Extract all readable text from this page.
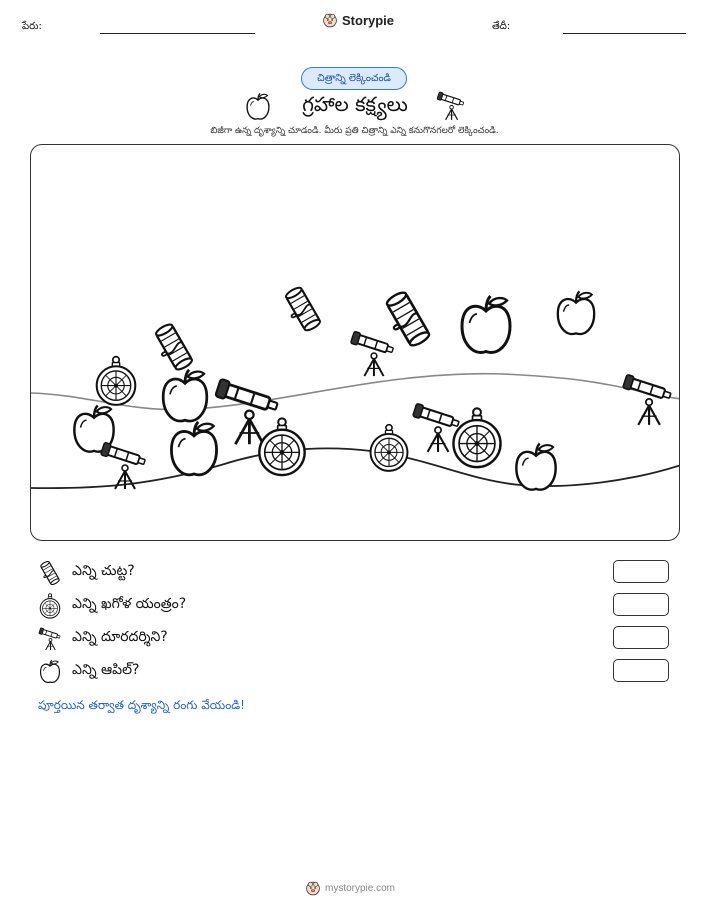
పేరు:	Storypie	తేదీ:
చిత్రాన్ని లెక్కించండి
గ్రహాల కక్ష్యలు
బిజీగా ఉన్న దృశ్యాన్ని చూడండి. మీరు ప్రతి చిత్రాన్ని ఎన్ని కనుగొనగలరో లెక్కించండి.
ఎన్ని చుట్ట?
ఎన్ని ఖగోళ యంత్రం?
ఎన్ని దూరదర్శిని?
ఎన్ని ఆపిల్?
పూర్తయిన తర్వాత దృశ్యాన్ని రంగు వేయండి!
mystorypie.com
